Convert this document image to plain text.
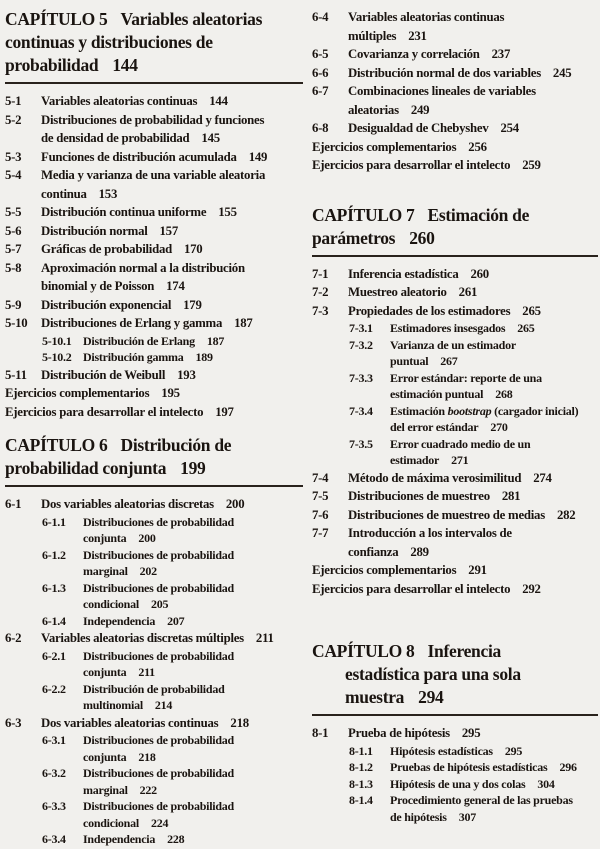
CAPÍTULO 5 Variables aleatorias
continuas y distribuciones de
probabilidad 144
5-1 Variables aleatorias continuas 144
5-2 Distribuciones de probabilidad y funciones
de densidad de probabilidad 145
5-3 Funciones de distribución acumulada 149
5-4 Media y varianza de una variable aleatoria
continua 153
5-5 Distribución continua uniforme 155
5-6 Distribución normal 157
5-7 Gráficas de probabilidad 170
5-8 Aproximación normal a la distribución
binomial y de Poisson 174
5-9 Distribución exponencial 179
5-10 Distribuciones de Erlang y gamma 187
5-10.1 Distribución de Erlang 187
5-10.2 Distribución gamma 189
5-11 Distribución de Weibull 193
Ejercicios complementarios 195
Ejercicios para desarrollar el intelecto 197
CAPÍTULO 6 Distribución de
probabilidad conjunta 199
6-1 Dos variables aleatorias discretas 200
6-1.1 Distribuciones de probabilidad
conjunta 200
6-1.2 Distribuciones de probabilidad
marginal 202
6-1.3 Distribuciones de probabilidad
condicional 205
6-1.4 Independencia 207
6-2 Variables aleatorias discretas múltiples 211
6-2.1 Distribuciones de probabilidad
conjunta 211
6-2.2 Distribución de probabilidad
multinomial 214
6-3 Dos variables aleatorias continuas 218
6-3.1 Distribuciones de probabilidad
conjunta 218
6-3.2 Distribuciones de probabilidad
marginal 222
6-3.3 Distribuciones de probabilidad
condicional 224
6-3.4 Independencia 228
6-4 Variables aleatorias continuas
múltiples 231
6-5 Covarianza y correlación 237
6-6 Distribución normal de dos variables 245
6-7 Combinaciones lineales de variables
aleatorias 249
6-8 Desigualdad de Chebyshev 254
Ejercicios complementarios 256
Ejercicios para desarrollar el intelecto 259
CAPÍTULO 7 Estimación de
parámetros 260
7-1 Inferencia estadística 260
7-2 Muestreo aleatorio 261
7-3 Propiedades de los estimadores 265
7-3.1 Estimadores insesgados 265
7-3.2 Varianza de un estimador
puntual 267
7-3.3 Error estándar: reporte de una
estimación puntual 268
7-3.4 Estimación bootstrap (cargador inicial)
del error estándar 270
7-3.5 Error cuadrado medio de un
estimador 271
7-4 Método de máxima verosimilitud 274
7-5 Distribuciones de muestreo 281
7-6 Distribuciones de muestreo de medias 282
7-7 Introducción a los intervalos de
confianza 289
Ejercicios complementarios 291
Ejercicios para desarrollar el intelecto 292
CAPÍTULO 8 Inferencia
estadística para una sola
muestra 294
8-1 Prueba de hipótesis 295
8-1.1 Hipótesis estadísticas 295
8-1.2 Pruebas de hipótesis estadísticas 296
8-1.3 Hipótesis de una y dos colas 304
8-1.4 Procedimiento general de las pruebas
de hipótesis 307
